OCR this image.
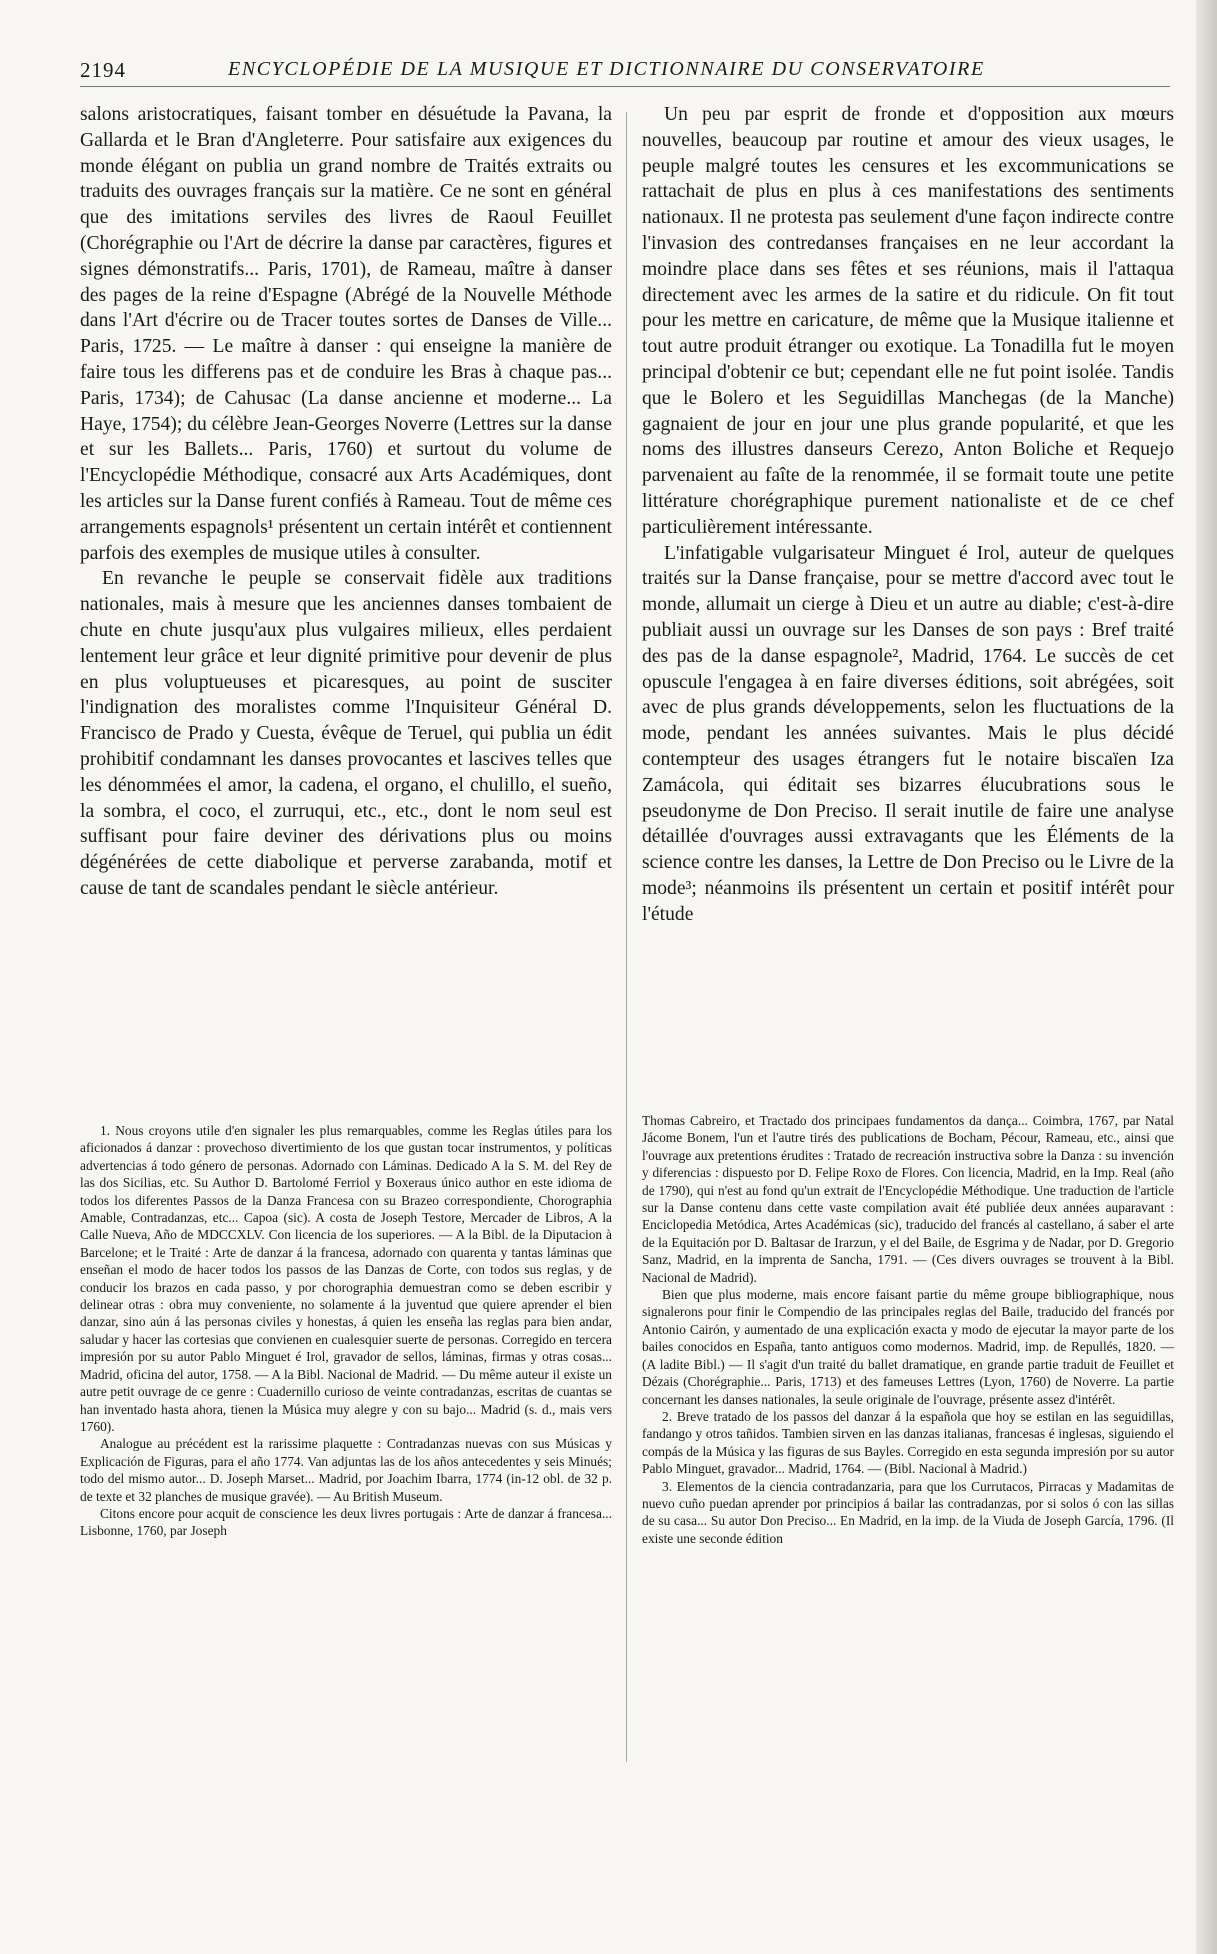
2194	ENCYCLOPÉDIE DE LA MUSIQUE ET DICTIONNAIRE DU CONSERVATOIRE

salons aristocratiques, faisant tomber en désuétude la Pavana, la Gallarda et le Bran d'Angleterre. Pour satisfaire aux exigences du monde élégant on publia un grand nombre de Traités extraits ou traduits des ouvrages français sur la matière. Ce ne sont en général que des imitations serviles des livres de Raoul Feuillet (Chorégraphie ou l'Art de décrire la danse par caractères, figures et signes démonstratifs... Paris, 1701), de Rameau, maître à danser des pages de la reine d'Espagne (Abrégé de la Nouvelle Méthode dans l'Art d'écrire ou de Tracer toutes sortes de Danses de Ville... Paris, 1725. — Le maître à danser : qui enseigne la manière de faire tous les differens pas et de conduire les Bras à chaque pas... Paris, 1734); de Cahusac (La danse ancienne et moderne... La Haye, 1754); du célèbre Jean-Georges Noverre (Lettres sur la danse et sur les Ballets... Paris, 1760) et surtout du volume de l'Encyclopédie Méthodique, consacré aux Arts Académiques, dont les articles sur la Danse furent confiés à Rameau. Tout de même ces arrangements espagnols¹ présentent un certain intérêt et contiennent parfois des exemples de musique utiles à consulter.

En revanche le peuple se conservait fidèle aux traditions nationales, mais à mesure que les anciennes danses tombaient de chute en chute jusqu'aux plus vulgaires milieux, elles perdaient lentement leur grâce et leur dignité primitive pour devenir de plus en plus voluptueuses et picaresques, au point de susciter l'indignation des moralistes comme l'Inquisiteur Général D. Francisco de Prado y Cuesta, évêque de Teruel, qui publia un édit prohibitif condamnant les danses provocantes et lascives telles que les dénommées el amor, la cadena, el organo, el chulillo, el sueño, la sombra, el coco, el zurruqui, etc., etc., dont le nom seul est suffisant pour faire deviner des dérivations plus ou moins dégénérées de cette diabolique et perverse zarabanda, motif et cause de tant de scandales pendant le siècle antérieur.

1. Nous croyons utile d'en signaler les plus remarquables, comme les Reglas útiles para los aficionados á danzar : provechoso divertimiento de los que gustan tocar instrumentos, y políticas advertencias á todo género de personas. Adornado con Láminas. Dedicado A la S. M. del Rey de las dos Sicilias, etc. Su Author D. Bartolomé Ferriol y Boxeraus único author en este idioma de todos los diferentes Passos de la Danza Francesa con su Brazeo correspondiente, Chorographia Amable, Contradanzas, etc... Capoa (sic). A costa de Joseph Testore, Mercader de Libros, A la Calle Nueva, Año de MDCCXLV. Con licencia de los superiores. — A la Bibl. de la Diputacion à Barcelone; et le Traité : Arte de danzar á la francesa, adornado con quarenta y tantas láminas que enseñan el modo de hacer todos los passos de las Danzas de Corte, con todos sus reglas, y de conducir los brazos en cada passo, y por chorographia demuestran como se deben escribir y delinear otras : obra muy conveniente, no solamente á la juventud que quiere aprender el bien danzar, sino aún á las personas civiles y honestas, á quien les enseña las reglas para bien andar, saludar y hacer las cortesias que convienen en cualesquier suerte de personas. Corregido en tercera impresión por su autor Pablo Minguet é Irol, gravador de sellos, láminas, firmas y otras cosas... Madrid, oficina del autor, 1758. — A la Bibl. Nacional de Madrid. — Du même auteur il existe un autre petit ouvrage de ce genre : Cuadernillo curioso de veinte contradanzas, escritas de cuantas se han inventado hasta ahora, tienen la Música muy alegre y con su bajo... Madrid (s. d., mais vers 1760).

Analogue au précédent est la rarissime plaquette : Contradanzas nuevas con sus Músicas y Explicación de Figuras, para el año 1774. Van adjuntas las de los años antecedentes y seis Minués; todo del mismo autor... D. Joseph Marset... Madrid, por Joachim Ibarra, 1774 (in-12 obl. de 32 p. de texte et 32 planches de musique gravée). — Au British Museum.

Citons encore pour acquit de conscience les deux livres portugais : Arte de danzar á francesa... Lisbonne, 1760, par Joseph

Un peu par esprit de fronde et d'opposition aux mœurs nouvelles, beaucoup par routine et amour des vieux usages, le peuple malgré toutes les censures et les excommunications se rattachait de plus en plus à ces manifestations des sentiments nationaux. Il ne protesta pas seulement d'une façon indirecte contre l'invasion des contredanses françaises en ne leur accordant la moindre place dans ses fêtes et ses réunions, mais il l'attaqua directement avec les armes de la satire et du ridicule. On fit tout pour les mettre en caricature, de même que la Musique italienne et tout autre produit étranger ou exotique. La Tonadilla fut le moyen principal d'obtenir ce but; cependant elle ne fut point isolée. Tandis que le Bolero et les Seguidillas Manchegas (de la Manche) gagnaient de jour en jour une plus grande popularité, et que les noms des illustres danseurs Cerezo, Anton Boliche et Requejo parvenaient au faîte de la renommée, il se formait toute une petite littérature chorégraphique purement nationaliste et de ce chef particulièrement intéressante.

L'infatigable vulgarisateur Minguet é Irol, auteur de quelques traités sur la Danse française, pour se mettre d'accord avec tout le monde, allumait un cierge à Dieu et un autre au diable; c'est-à-dire publiait aussi un ouvrage sur les Danses de son pays : Bref traité des pas de la danse espagnole², Madrid, 1764. Le succès de cet opuscule l'engagea à en faire diverses éditions, soit abrégées, soit avec de plus grands développements, selon les fluctuations de la mode, pendant les années suivantes. Mais le plus décidé contempteur des usages étrangers fut le notaire biscaïen Iza Zamácola, qui éditait ses bizarres élucubrations sous le pseudonyme de Don Preciso. Il serait inutile de faire une analyse détaillée d'ouvrages aussi extravagants que les Éléments de la science contre les danses, la Lettre de Don Preciso ou le Livre de la mode³; néanmoins ils présentent un certain et positif intérêt pour l'étude

Thomas Cabreiro, et Tractado dos principaes fundamentos da dança... Coimbra, 1767, par Natal Jácome Bonem, l'un et l'autre tirés des publications de Bocham, Pécour, Rameau, etc., ainsi que l'ouvrage aux pretentions érudites : Tratado de recreación instructiva sobre la Danza : su invención y diferencias : dispuesto por D. Felipe Roxo de Flores. Con licencia, Madrid, en la Imp. Real (año de 1790), qui n'est au fond qu'un extrait de l'Encyclopédie Méthodique. Une traduction de l'article sur la Danse contenu dans cette vaste compilation avait été publiée deux années auparavant : Enciclopedia Metódica, Artes Académicas (sic), traducido del francés al castellano, á saber el arte de la Equitación por D. Baltasar de Irarzun, y el del Baile, de Esgrima y de Nadar, por D. Gregorio Sanz, Madrid, en la imprenta de Sancha, 1791. — (Ces divers ouvrages se trouvent à la Bibl. Nacional de Madrid).

Bien que plus moderne, mais encore faisant partie du même groupe bibliographique, nous signalerons pour finir le Compendio de las principales reglas del Baile, traducido del francés por Antonio Cairón, y aumentado de una explicación exacta y modo de ejecutar la mayor parte de los bailes conocidos en España, tanto antiguos como modernos. Madrid, imp. de Repullés, 1820. — (A ladite Bibl.) — Il s'agit d'un traité du ballet dramatique, en grande partie traduit de Feuillet et Dézais (Chorégraphie... Paris, 1713) et des fameuses Lettres (Lyon, 1760) de Noverre. La partie concernant les danses nationales, la seule originale de l'ouvrage, présente assez d'intérêt.

2. Breve tratado de los passos del danzar á la española que hoy se estilan en las seguidillas, fandango y otros tañidos. Tambien sirven en las danzas italianas, francesas é inglesas, siguiendo el compás de la Música y las figuras de sus Bayles. Corregido en esta segunda impresión por su autor Pablo Minguet, gravador... Madrid, 1764. — (Bibl. Nacional à Madrid.)

3. Elementos de la ciencia contradanzaria, para que los Currutacos, Pirracas y Madamitas de nuevo cuño puedan aprender por principios á bailar las contradanzas, por si solos ó con las sillas de su casa... Su autor Don Preciso... En Madrid, en la imp. de la Viuda de Joseph García, 1796. (Il existe une seconde édition
